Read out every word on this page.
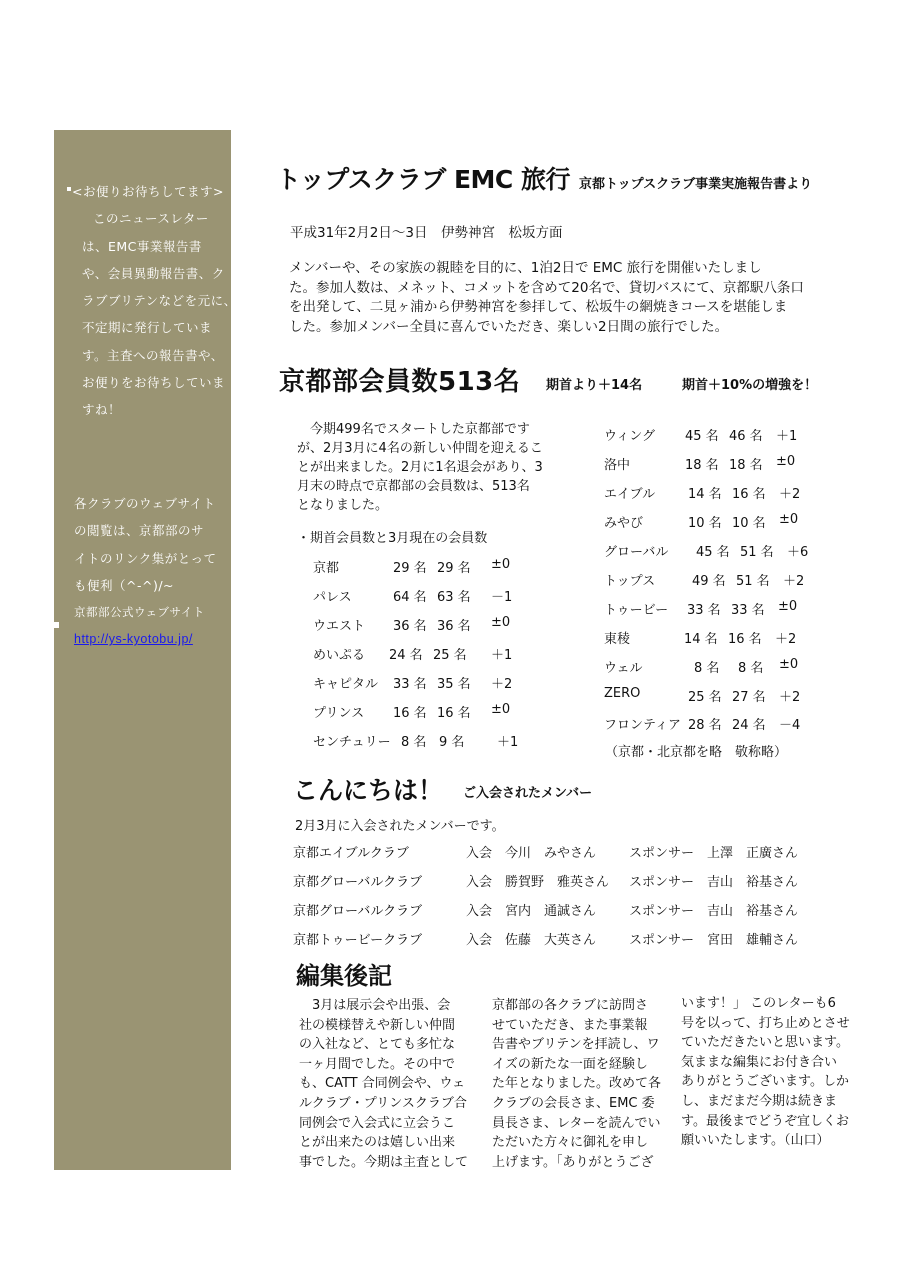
<お便りお待ちしてます>
　このニュースレター
は、EMC事業報告書
や、会員異動報告書、ク
ラブブリテンなどを元に、
不定期に発行していま
す。主査への報告書や、
お便りをお待ちしていま
すね！
各クラブのウェブサイト
の閲覧は、京都部のサ
イトのリンク集がとって
も便利（^-^)/~
京都部公式ウェブサイト
http://ys-kyotobu.jp/
トップスクラブ EMC 旅行 京都トップスクラブ事業実施報告書より
平成31年2月2日～3日　伊勢神宮　松坂方面
メンバーや、その家族の親睦を目的に、1泊2日で EMC 旅行を開催いたしまし
た。参加人数は、メネット、コメットを含めて20名で、貸切バスにて、京都駅八条口
を出発して、二見ヶ浦から伊勢神宮を参拝して、松坂牛の網焼きコースを堪能しま
した。参加メンバー全員に喜んでいただき、楽しい2日間の旅行でした。
京都部会員数513名 期首より＋14名	期首＋10%の増強を！
　今期499名でスタートした京都部です
が、2月3月に4名の新しい仲間を迎えるこ
とが出来ました。2月に1名退会があり、3
月末の時点で京都部の会員数は、513名
となりました。
・期首会員数と3月現在の会員数
京都	29 名 29 名 ±0
パレス	64 名 63 名 －1
ウエスト 36 名 36 名 ±0
めいぷる 24 名 25 名 ＋1
キャピタル 33 名 35 名 ＋2
プリンス 16 名 16 名 ±0
センチュリー 8 名 9 名	＋1
ウィング 45 名 46 名 ＋1
洛中	18 名 18 名 ±0
エイブル	14 名 16 名 ＋2
みやび	10 名 10 名 ±0
グローバル 45 名 51 名 ＋6
トップス	49 名 51 名 ＋2
トゥービー 33 名 33 名 ±0
東稜	14 名 16 名 ＋2
ウェル	8 名 8 名 ±0
ZERO	25 名 27 名 ＋2
フロンティア 28 名 24 名 －4
（京都・北京都を略　敬称略）
こんにちは！ ご入会されたメンバー
2月3月に入会されたメンバーです。
京都エイブルクラブ	入会　今川　みやさん	スポンサー　上澤　正廣さん
京都グローバルクラブ	入会　勝賀野　雅英さん スポンサー　吉山　裕基さん
京都グローバルクラブ	入会　宮内　通誠さん	スポンサー　吉山　裕基さん
京都トゥービークラブ	入会　佐藤　大英さん	スポンサー　宮田　雄輔さん
編集後記
　3月は展示会や出張、会
社の模様替えや新しい仲間
の入社など、とても多忙な
一ヶ月間でした。その中で
も、CATT 合同例会や、ウェ
ルクラブ・プリンスクラブ合
同例会で入会式に立会うこ
とが出来たのは嬉しい出来
事でした。今期は主査として
京都部の各クラブに訪問さ
せていただき、また事業報
告書やブリテンを拝読し、ワ
イズの新たな一面を経験し
た年となりました。改めて各
クラブの会長さま、EMC 委
員長さま、レターを読んでい
ただいた方々に御礼を申し
上げます。「ありがとうござ
います！」 このレターも6
号を以って、打ち止めとさせ
ていただきたいと思います。
気ままな編集にお付き合い
ありがとうございます。しか
し、まだまだ今期は続きま
す。最後までどうぞ宜しくお
願いいたします。（山口）
